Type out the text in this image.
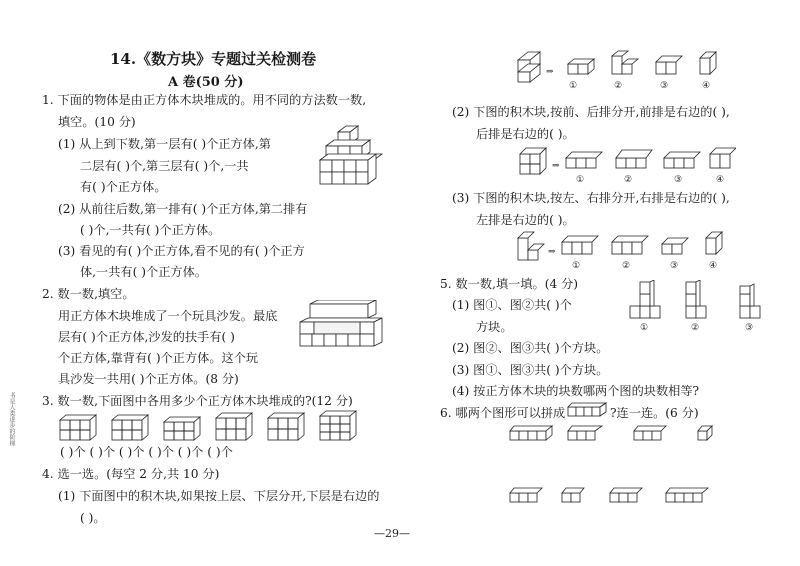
14.《数方块》专题过关检测卷
A 卷(50 分)
1. 下面的物体是由正方体木块堆成的。用不同的方法数一数,
填空。(10 分)
(1) 从上到下数,第一层有( )个正方体,第
二层有( )个,第三层有( )个,一共
有( )个正方体。
(2) 从前往后数,第一排有( )个正方体,第二排有
( )个,一共有( )个正方体。
(3) 看见的有( )个正方体,看不见的有( )个正方
体,一共有( )个正方体。
2. 数一数,填空。
用正方体木块堆成了一个玩具沙发。最底
层有( )个正方体,沙发的扶手有( )
个正方体,靠背有( )个正方体。这个玩
具沙发一共用( )个正方体。(8 分)
3. 数一数,下面图中各用多少个正方体木块堆成的?(12 分)
( )个 ( )个 ( )个 ( )个 ( )个 ( )个
4. 选一选。(每空 2 分,共 10 分)
(1) 下面图中的积木块,如果按上层、下层分开,下层是右边的
( )。
⇒
①	②	③	④
(2) 下图的积木块,按前、后排分开,前排是右边的( ),
后排是右边的( )。
⇒
①	②	③	④
(3) 下图的积木块,按左、右排分开,右排是右边的( ),
左排是右边的( )。
⇒
①	②	③	④
5. 数一数,填一填。(4 分)
(1) 图①、图②共( )个
方块。	①	②	③
(2) 图②、图③共( )个方块。
(3) 图①、图③共( )个方块。
(4) 按正方体木块的块数哪两个图的块数相等?
6. 哪两个图形可以拼成	?连一连。(6 分)
—29—
书是人类进步的阶梯
